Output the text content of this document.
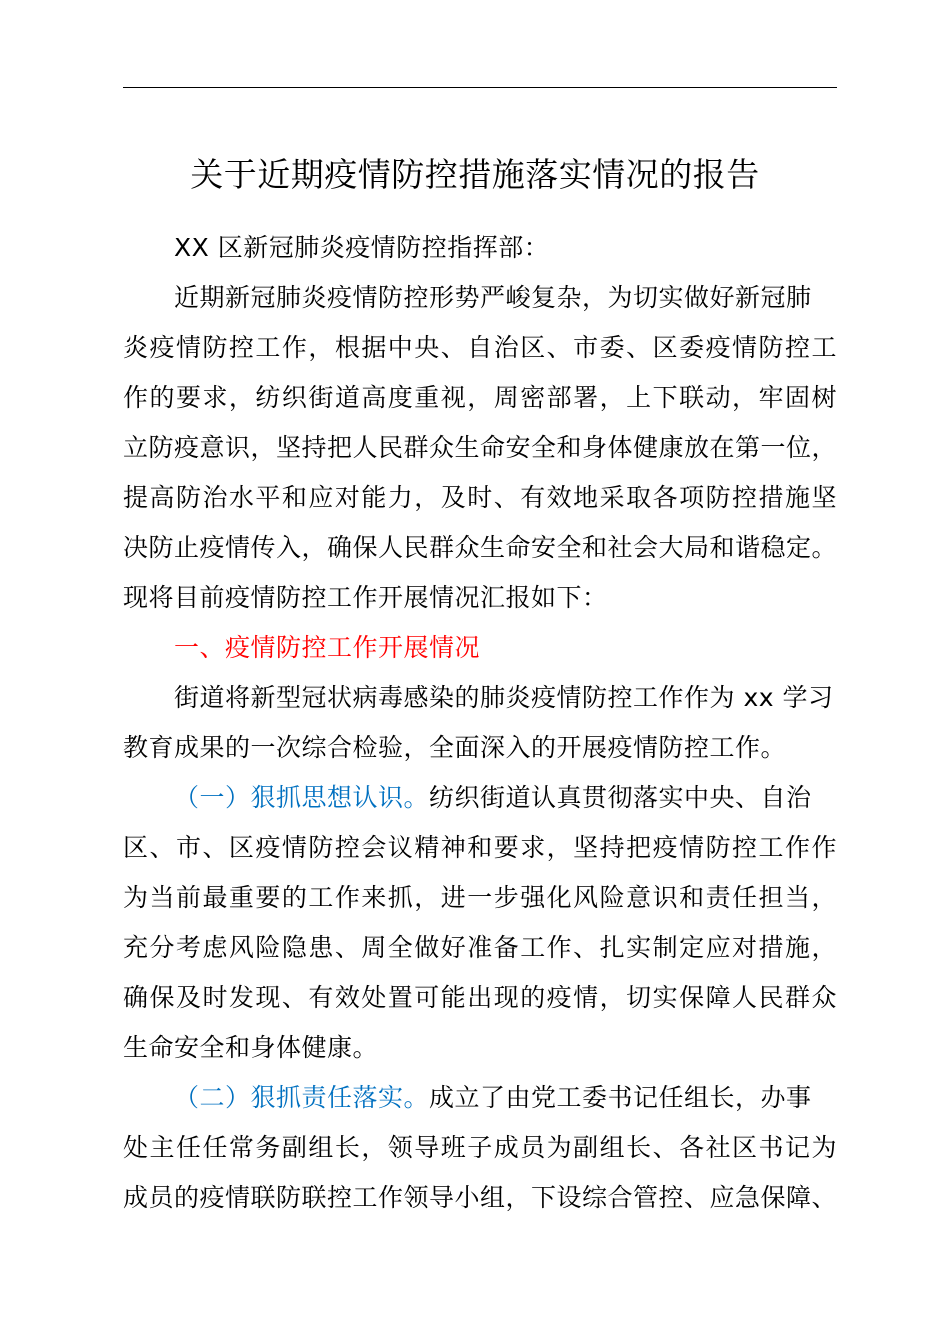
关于近期疫情防控措施落实情况的报告
XX 区新冠肺炎疫情防控指挥部：
近期新冠肺炎疫情防控形势严峻复杂，为切实做好新冠肺
炎疫情防控工作，根据中央、自治区、市委、区委疫情防控工
作的要求，纺织街道高度重视，周密部署，上下联动，牢固树
立防疫意识，坚持把人民群众生命安全和身体健康放在第一位，
提高防治水平和应对能力，及时、有效地采取各项防控措施坚
决防止疫情传入，确保人民群众生命安全和社会大局和谐稳定。
现将目前疫情防控工作开展情况汇报如下：
一、疫情防控工作开展情况
街道将新型冠状病毒感染的肺炎疫情防控工作作为 xx 学习
教育成果的一次综合检验，全面深入的开展疫情防控工作。
（一）狠抓思想认识。纺织街道认真贯彻落实中央、自治
区、市、区疫情防控会议精神和要求，坚持把疫情防控工作作
为当前最重要的工作来抓，进一步强化风险意识和责任担当，
充分考虑风险隐患、周全做好准备工作、扎实制定应对措施，
确保及时发现、有效处置可能出现的疫情，切实保障人民群众
生命安全和身体健康。
（二）狠抓责任落实。成立了由党工委书记任组长，办事
处主任任常务副组长，领导班子成员为副组长、各社区书记为
成员的疫情联防联控工作领导小组，下设综合管控、应急保障、
